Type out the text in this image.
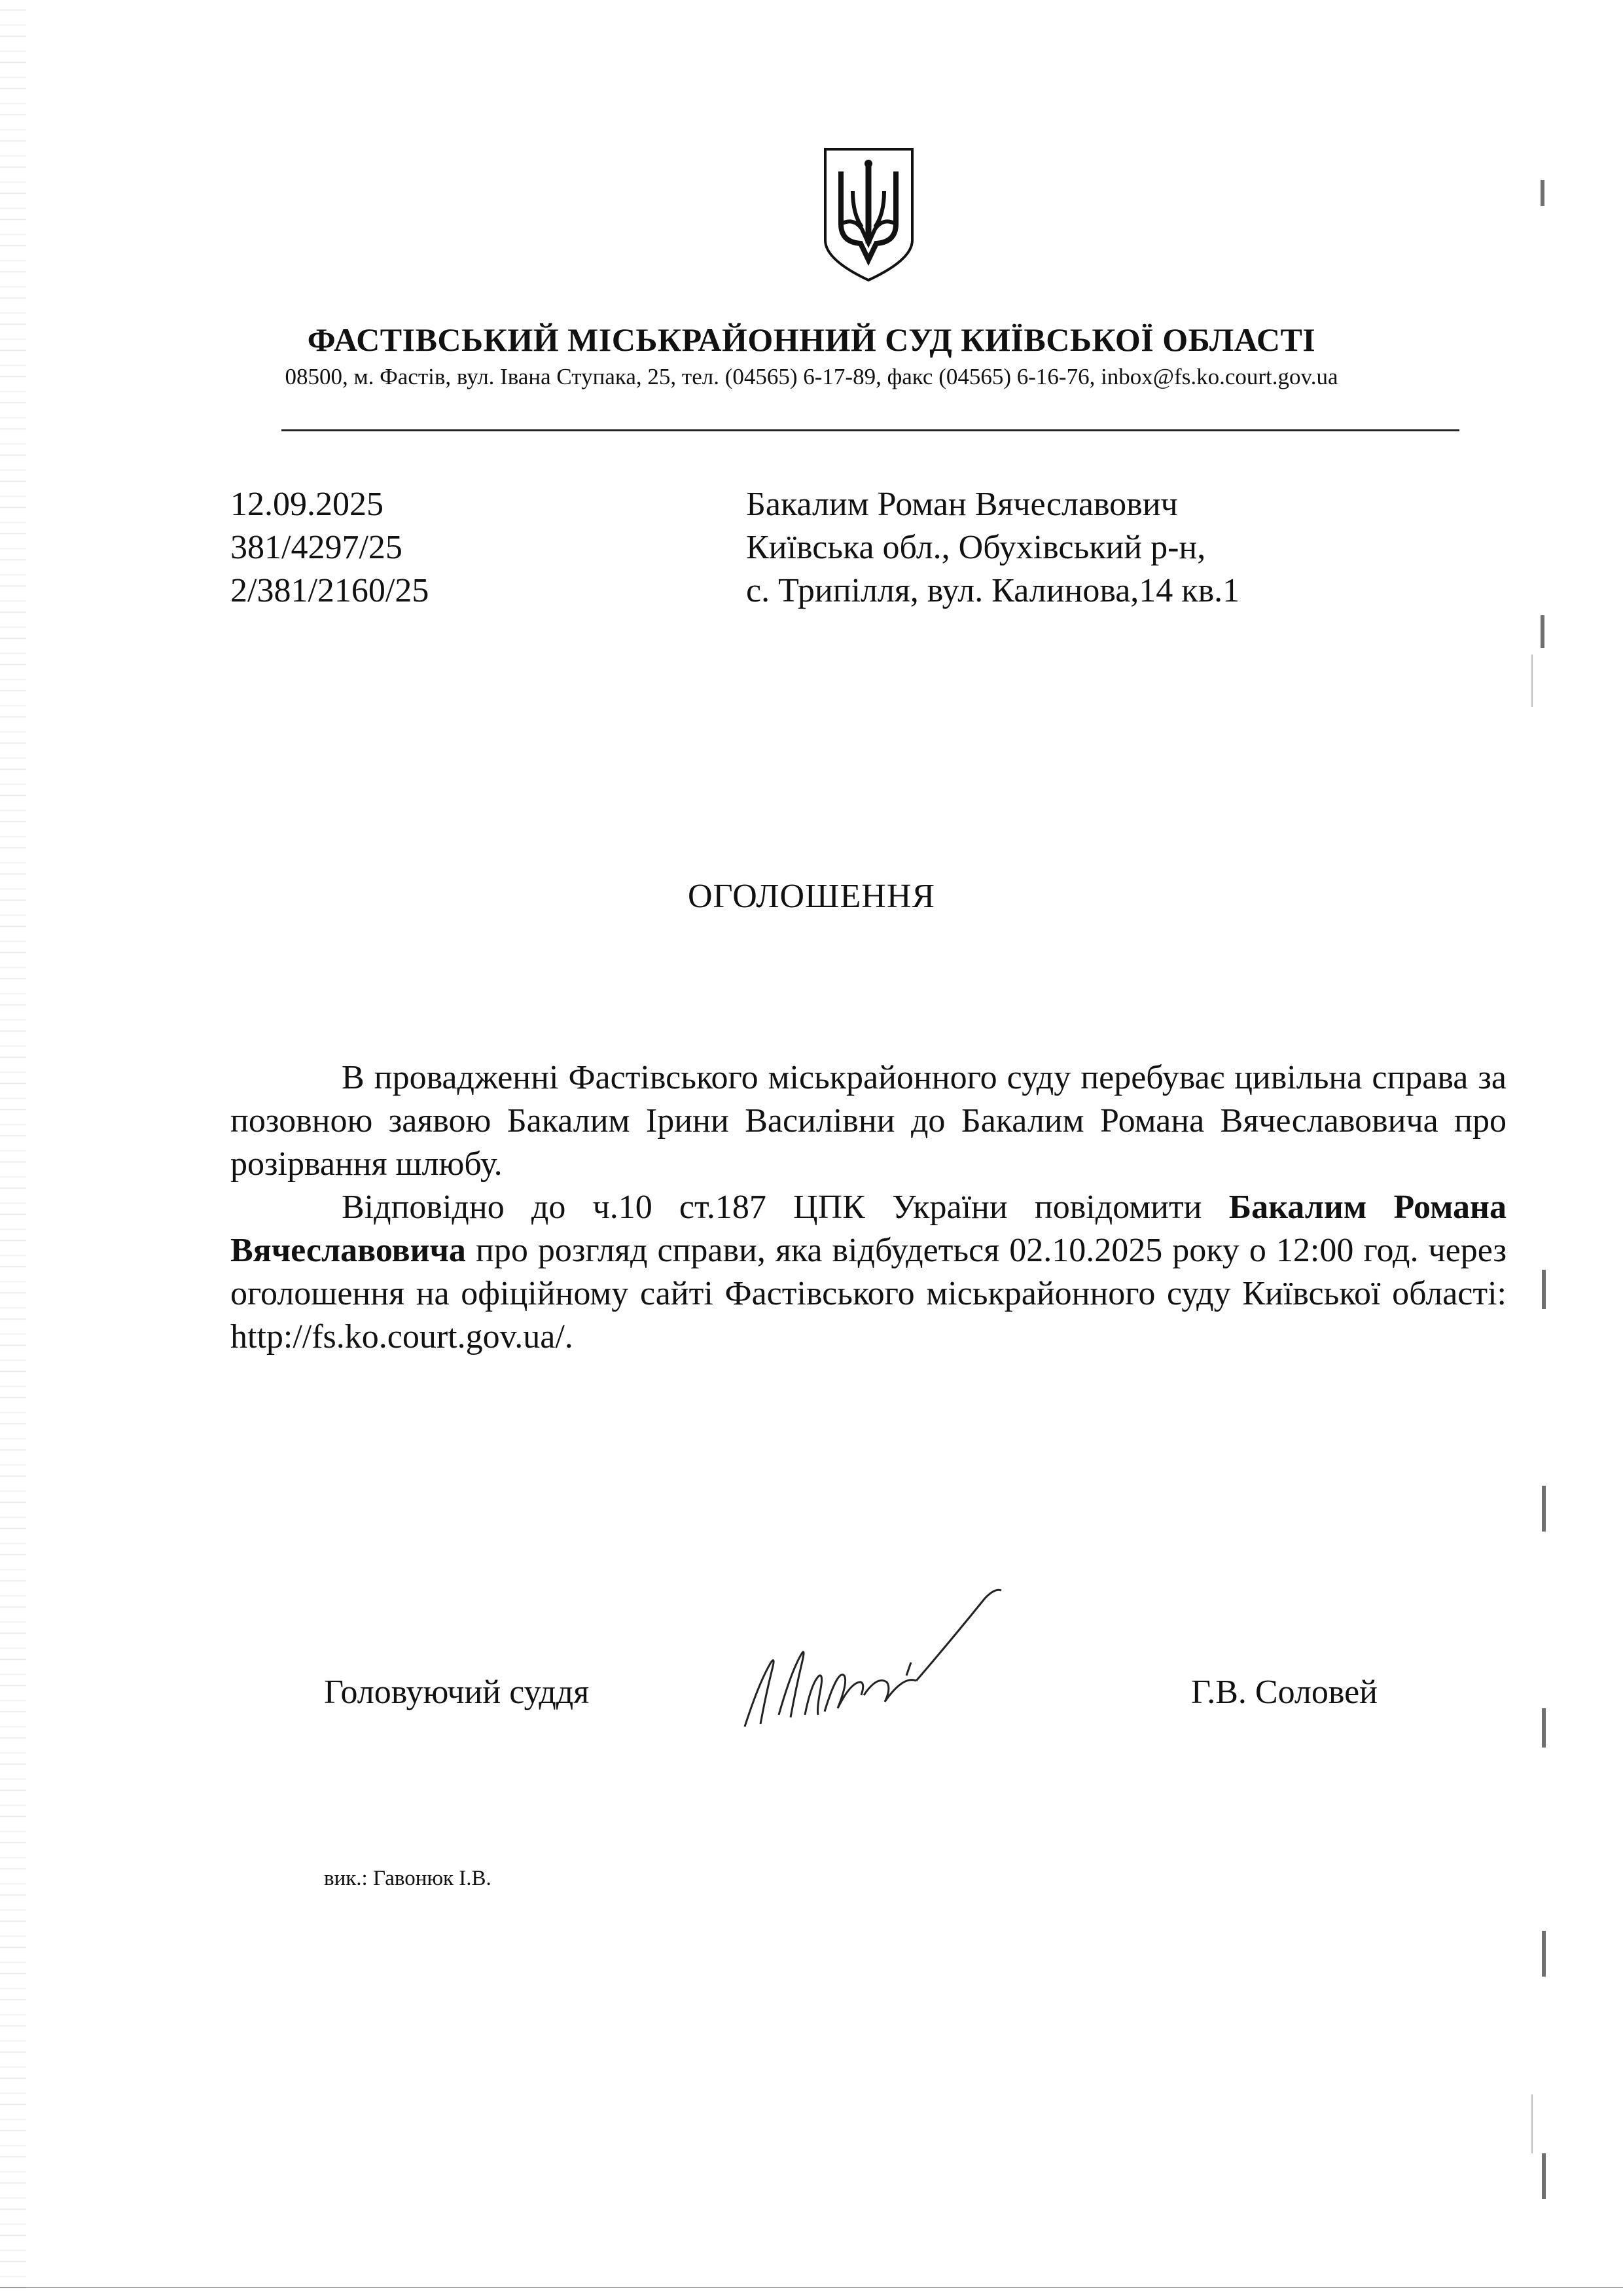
ФАСТІВСЬКИЙ МІСЬКРАЙОННИЙ СУД КИЇВСЬКОЇ ОБЛАСТІ
08500, м. Фастів, вул. Івана Ступака, 25, тел. (04565) 6-17-89, факс (04565) 6-16-76, inbox@fs.ko.court.gov.ua
12.09.2025
381/4297/25
2/381/2160/25
Бакалим Роман Вячеславович
Київська обл., Обухівський р-н,
с. Трипілля, вул. Калинова,14 кв.1
ОГОЛОШЕННЯ

В провадженні Фастівського міськрайонного суду перебуває цивільна справа за позовною заявою Бакалим Ірини Василівни до Бакалим Романа Вячеславовича про розірвання шлюбу.

Відповідно до ч.10 ст.187 ЦПК України повідомити Бакалим Романа Вячеславовича про розгляд справи, яка відбудеться 02.10.2025 року о 12:00 год. через оголошення на офіційному сайті Фастівського міськрайонного суду Київської області: http://fs.ko.court.gov.ua/.

Головуючий суддя	Г.В. Соловей
вик.: Гавонюк І.В.
